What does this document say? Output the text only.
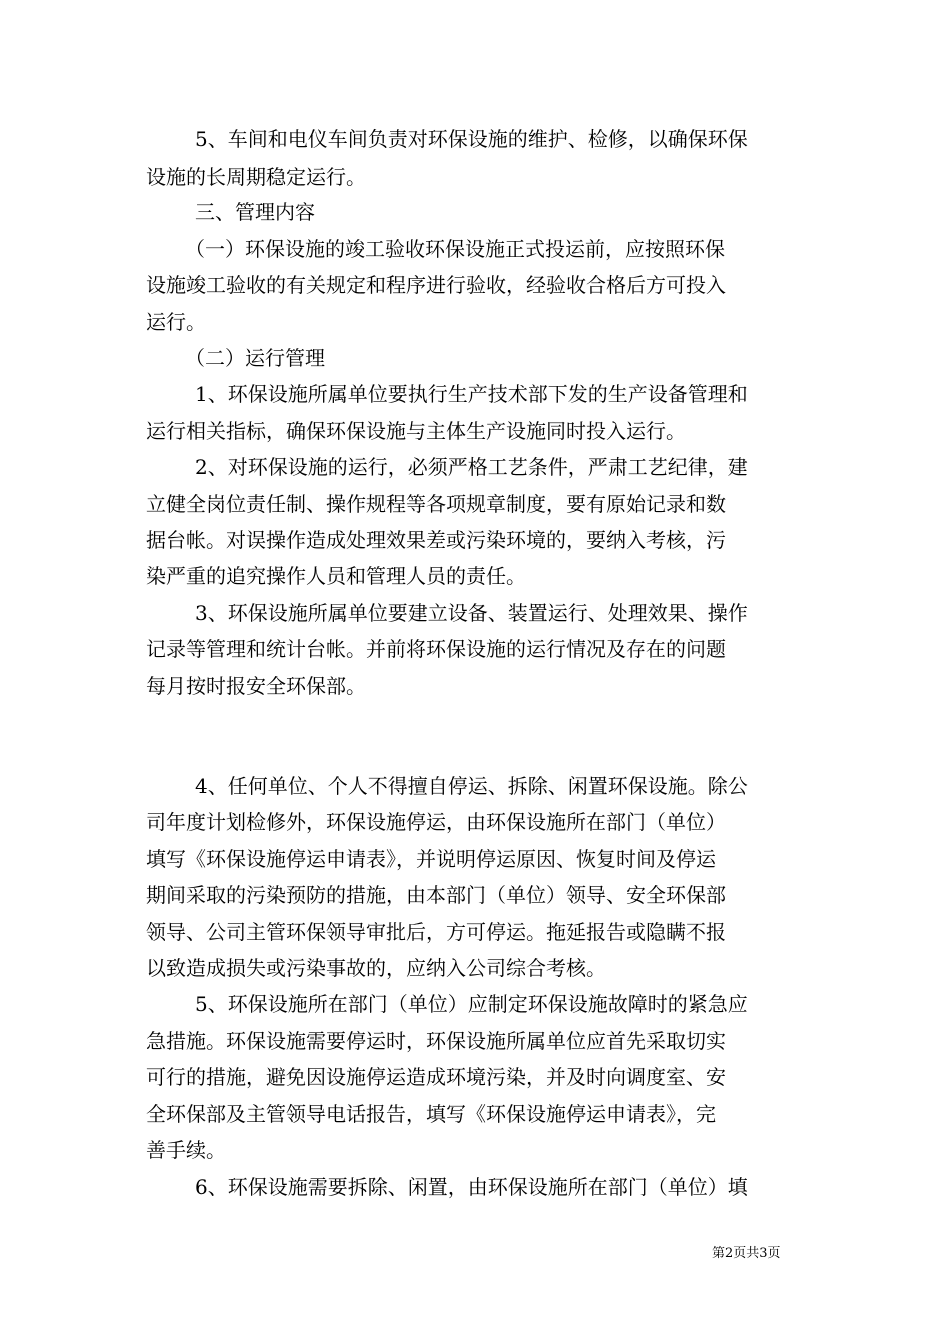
5、车间和电仪车间负责对环保设施的维护、检修，以确保环保
设施的长周期稳定运行。
三、管理内容
（一）环保设施的竣工验收环保设施正式投运前，应按照环保
设施竣工验收的有关规定和程序进行验收，经验收合格后方可投入
运行。
（二）运行管理
1、环保设施所属单位要执行生产技术部下发的生产设备管理和
运行相关指标，确保环保设施与主体生产设施同时投入运行。
2、对环保设施的运行，必须严格工艺条件，严肃工艺纪律，建
立健全岗位责任制、操作规程等各项规章制度，要有原始记录和数
据台帐。对误操作造成处理效果差或污染环境的，要纳入考核，污
染严重的追究操作人员和管理人员的责任。
3、环保设施所属单位要建立设备、装置运行、处理效果、操作
记录等管理和统计台帐。并前将环保设施的运行情况及存在的问题
每月按时报安全环保部。
4、任何单位、个人不得擅自停运、拆除、闲置环保设施。除公
司年度计划检修外，环保设施停运，由环保设施所在部门（单位）
填写《环保设施停运申请表》，并说明停运原因、恢复时间及停运
期间采取的污染预防的措施，由本部门（单位）领导、安全环保部
领导、公司主管环保领导审批后，方可停运。拖延报告或隐瞒不报
以致造成损失或污染事故的，应纳入公司综合考核。
5、环保设施所在部门（单位）应制定环保设施故障时的紧急应
急措施。环保设施需要停运时，环保设施所属单位应首先采取切实
可行的措施，避免因设施停运造成环境污染，并及时向调度室、安
全环保部及主管领导电话报告，填写《环保设施停运申请表》，完
善手续。
6、环保设施需要拆除、闲置，由环保设施所在部门（单位）填
第2页共3页
